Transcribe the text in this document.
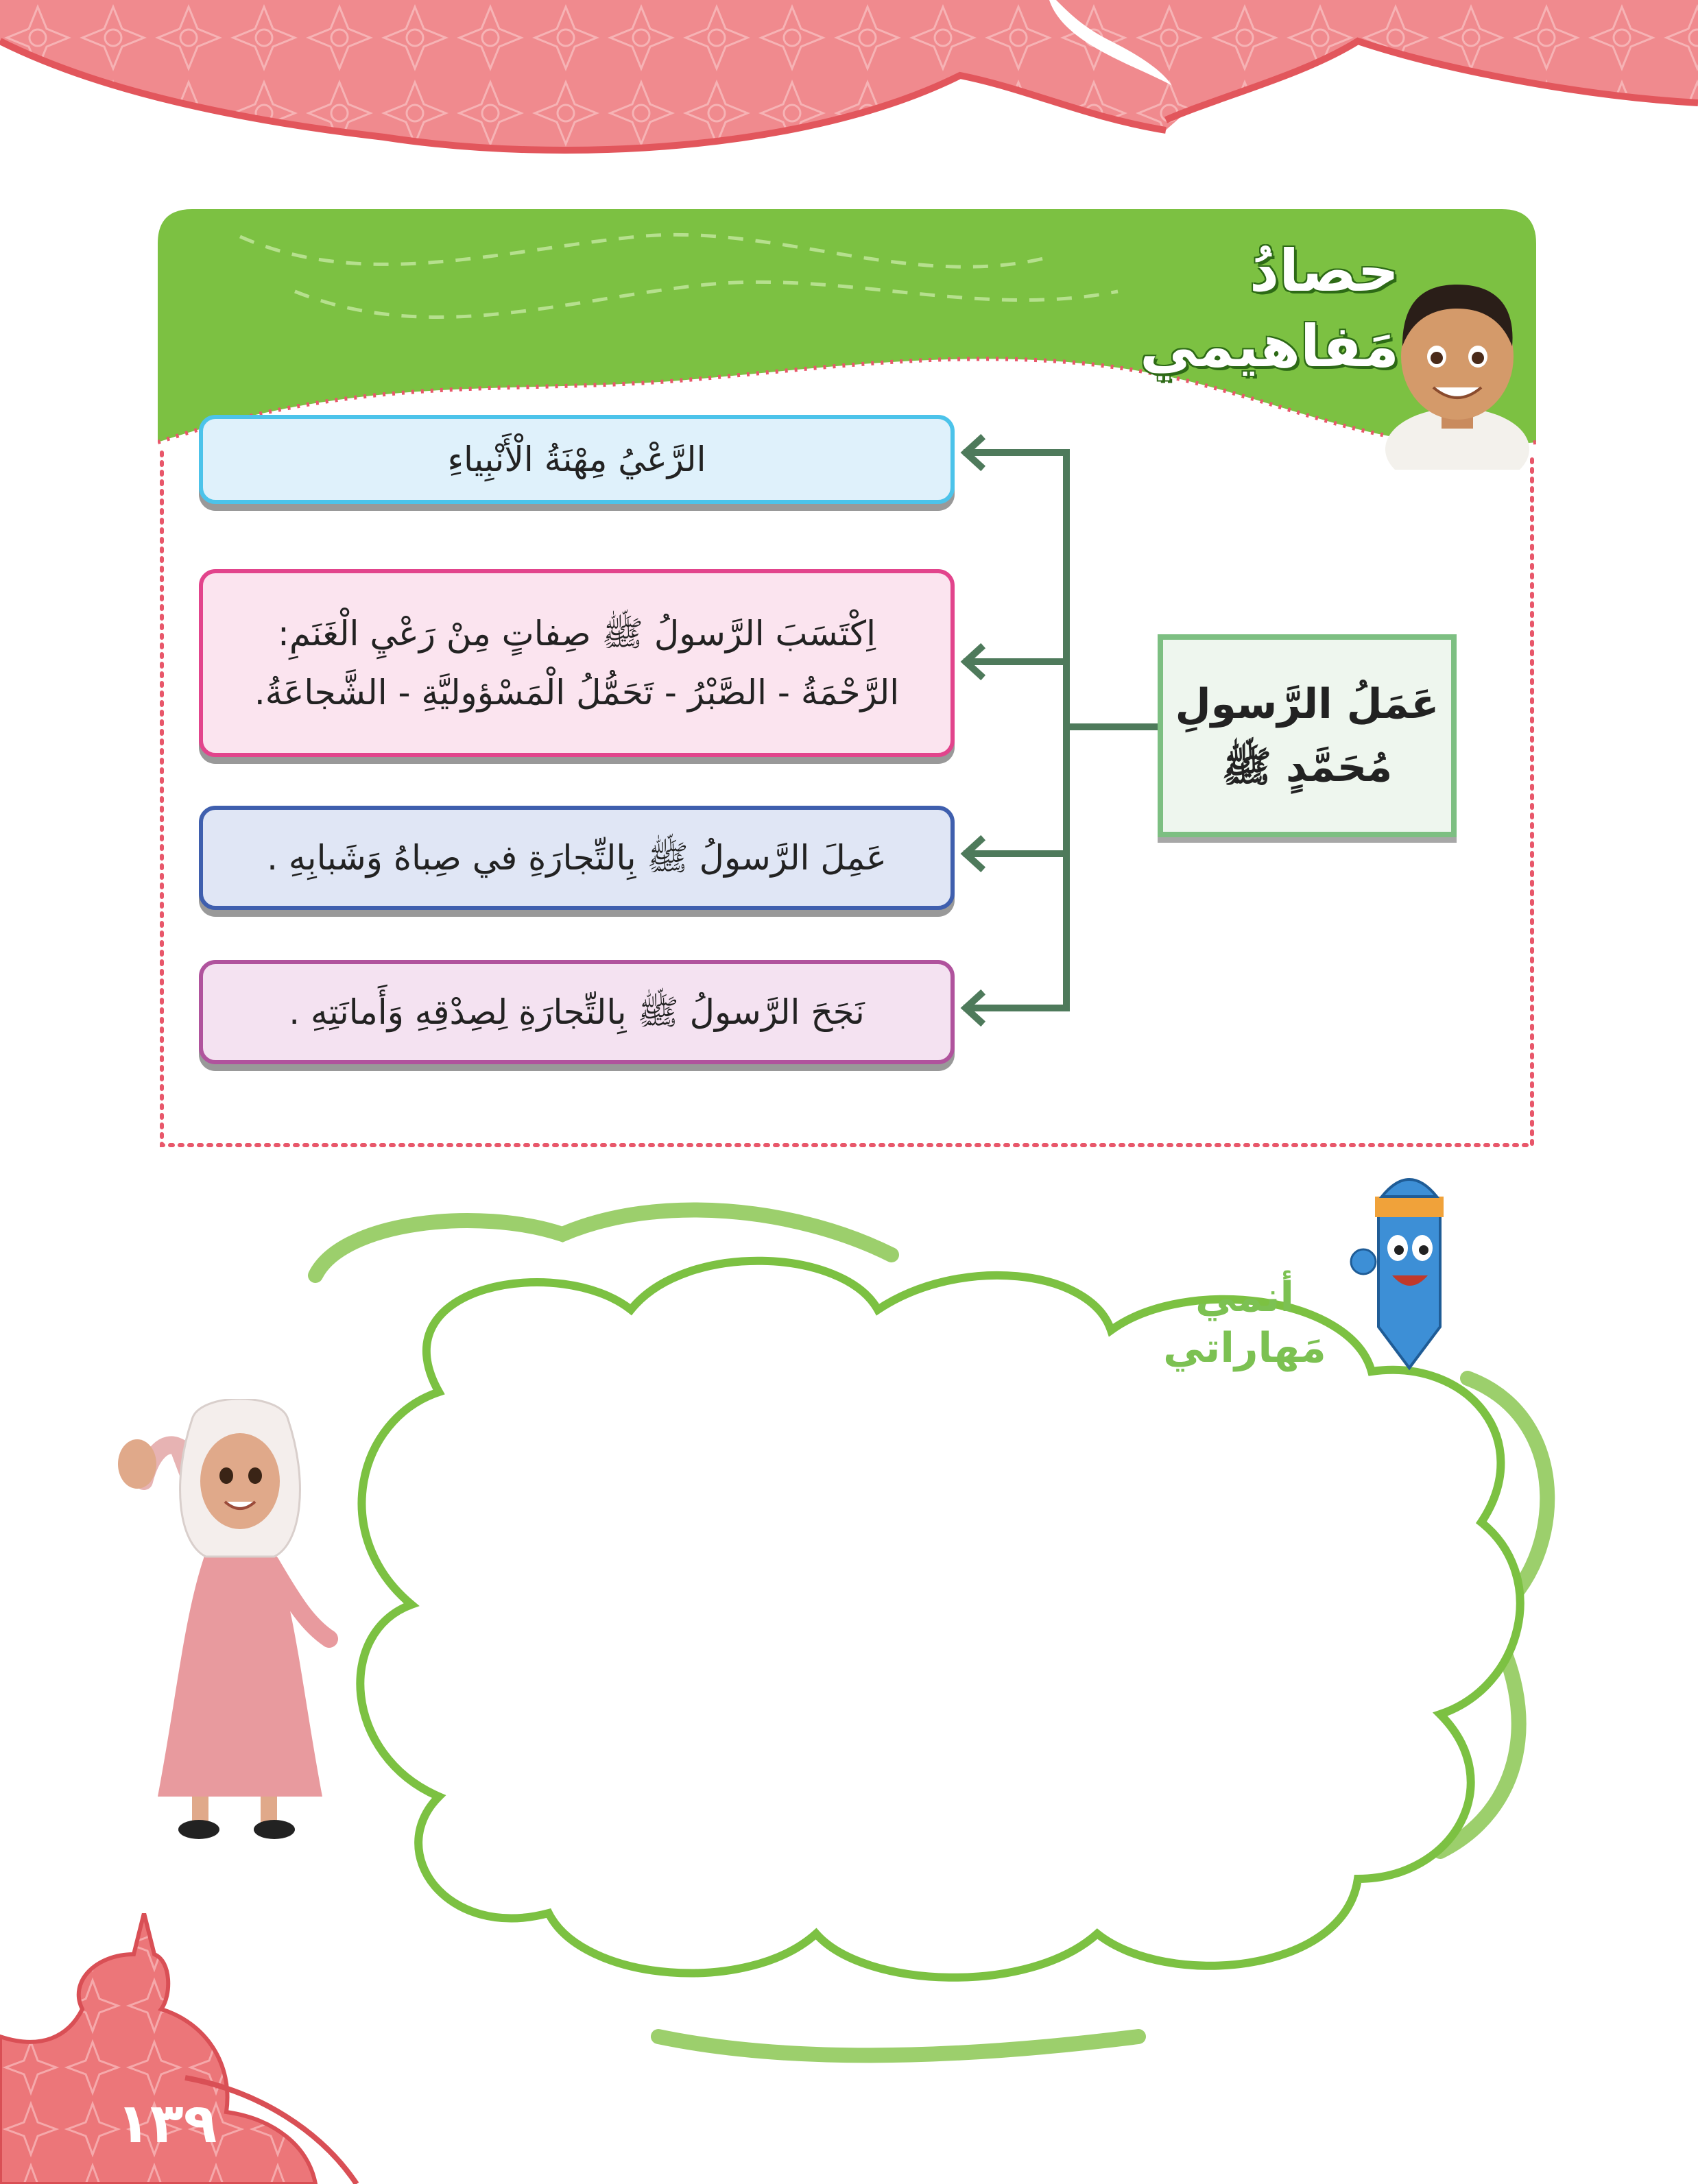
حصادُ
مَفاهيمي
الرَّعْيُ مِهْنَةُ الْأَنْبِياءِ
اِكْتَسَبَ الرَّسولُ ﷺ صِفاتٍ مِنْ رَعْيِ الْغَنَمِ:
الرَّحْمَةُ - الصَّبْرُ - تَحَمُّلُ الْمَسْؤوليَّةِ - الشَّجاعَةُ.
عَمِلَ الرَّسولُ ﷺ بِالتِّجارَةِ في صِباهُ وَشَبابِهِ .
نَجَحَ الرَّسولُ ﷺ بِالتِّجارَةِ لِصِدْقِهِ وَأَمانَتِهِ .
عَمَلُ الرَّسولِ
مُحَمَّدٍ ﷺ
أنمي
مَهاراتي
١٣٩
